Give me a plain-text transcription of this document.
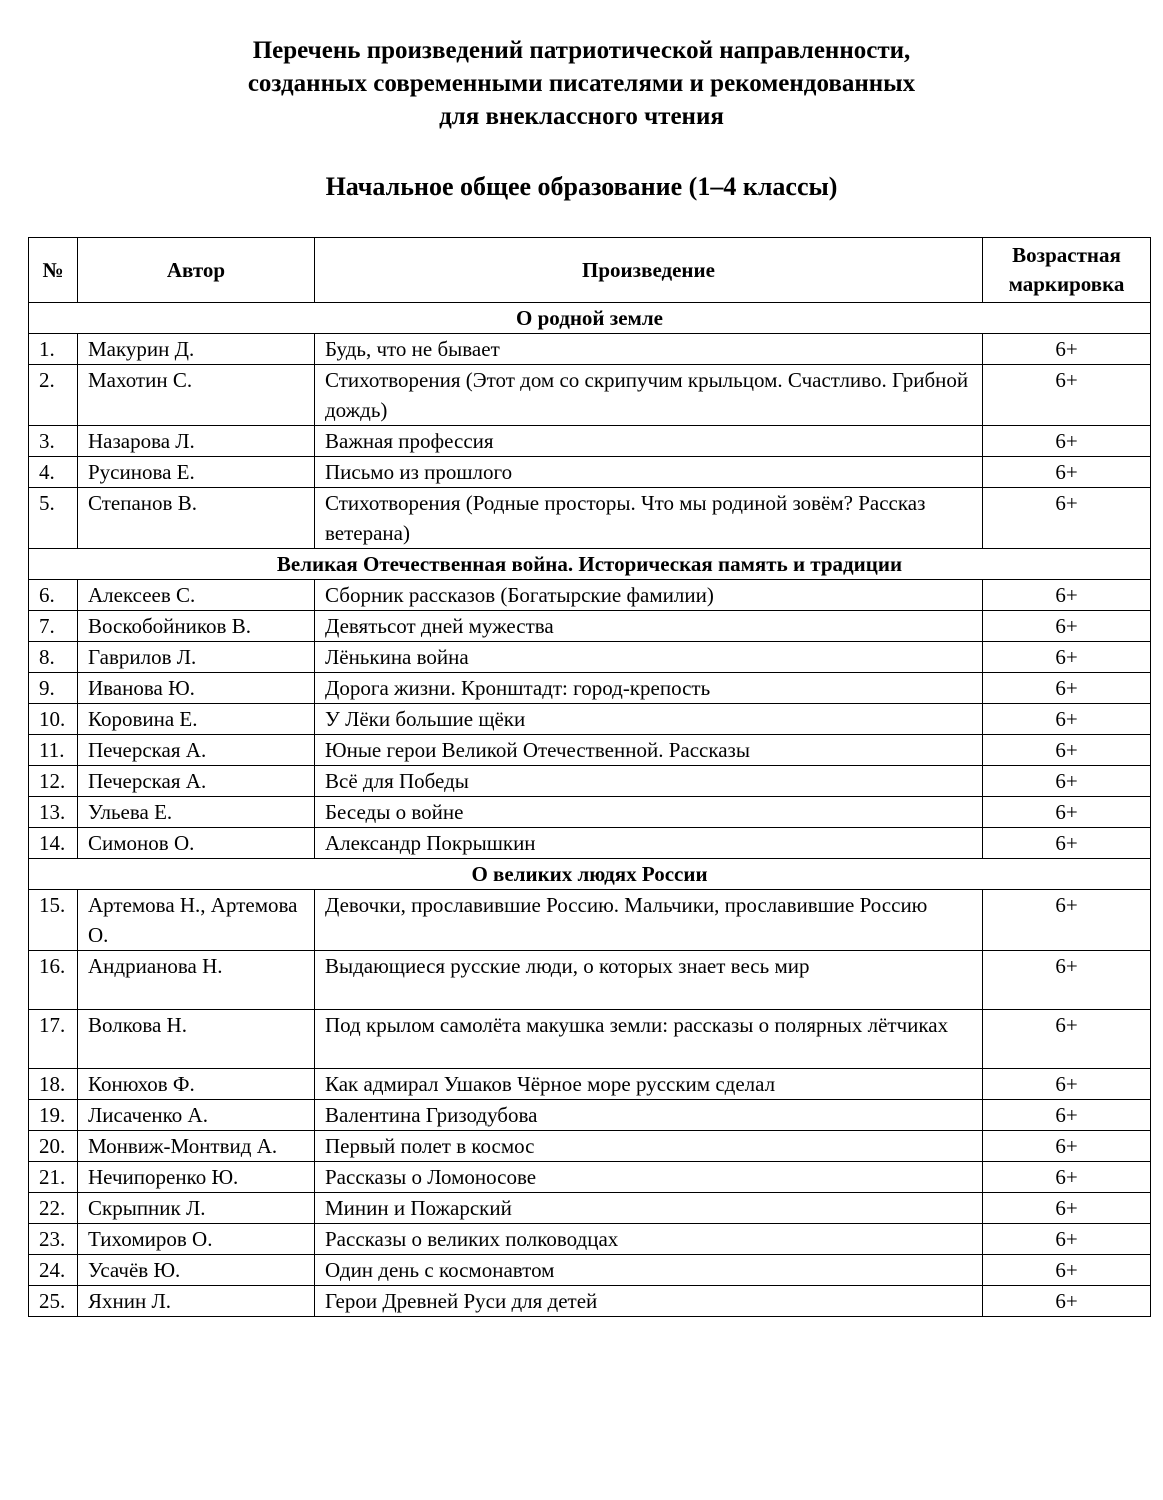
Перечень произведений патриотической направленности,
созданных современными писателями и рекомендованных
для внеклассного чтения
Начальное общее образование (1–4 классы)
№	Автор	Произведение	Возрастная
маркировка

О родной земле			
1.	Макурин Д.	Будь, что не бывает	6+
2.	Махотин С.	Стихотворения (Этот дом со скрипучим крыльцом. Счастливо. Грибной дождь)	6+
3.	Назарова Л.	Важная профессия	6+
4.	Русинова Е.	Письмо из прошлого	6+
5.	Степанов В.	Стихотворения (Родные просторы. Что мы родиной зовём? Рассказ ветерана)	6+
Великая Отечественная война. Историческая память и традиции			
6.	Алексеев С.	Сборник рассказов (Богатырские фамилии)	6+
7.	Воскобойников В.	Девятьсот дней мужества	6+
8.	Гаврилов Л.	Лёнькина война	6+
9.	Иванова Ю.	Дорога жизни. Кронштадт: город-крепость	6+
10.	Коровина Е.	У Лёки большие щёки	6+
11.	Печерская А.	Юные герои Великой Отечественной. Рассказы	6+
12.	Печерская А.	Всё для Победы	6+
13.	Ульева Е.	Беседы о войне	6+
14.	Симонов О.	Александр Покрышкин	6+
О великих людях России			
15.	Артемова Н., Артемова О.	Девочки, прославившие Россию. Мальчики, прославившие Россию	6+
16.	Андрианова Н.	Выдающиеся русские люди, о которых знает весь мир	6+
17.	Волкова Н.	Под крылом самолёта макушка земли: рассказы о полярных лётчиках	6+
18.	Конюхов Ф.	Как адмирал Ушаков Чёрное море русским сделал	6+
19.	Лисаченко А.	Валентина Гризодубова	6+
20.	Монвиж-Монтвид А.	Первый полет в космос	6+
21.	Нечипоренко Ю.	Рассказы о Ломоносове	6+
22.	Скрыпник Л.	Минин и Пожарский	6+
23.	Тихомиров О.	Рассказы о великих полководцах	6+
24.	Усачёв Ю.	Один день с космонавтом	6+
25.	Яхнин Л.	Герои Древней Руси для детей	6+
